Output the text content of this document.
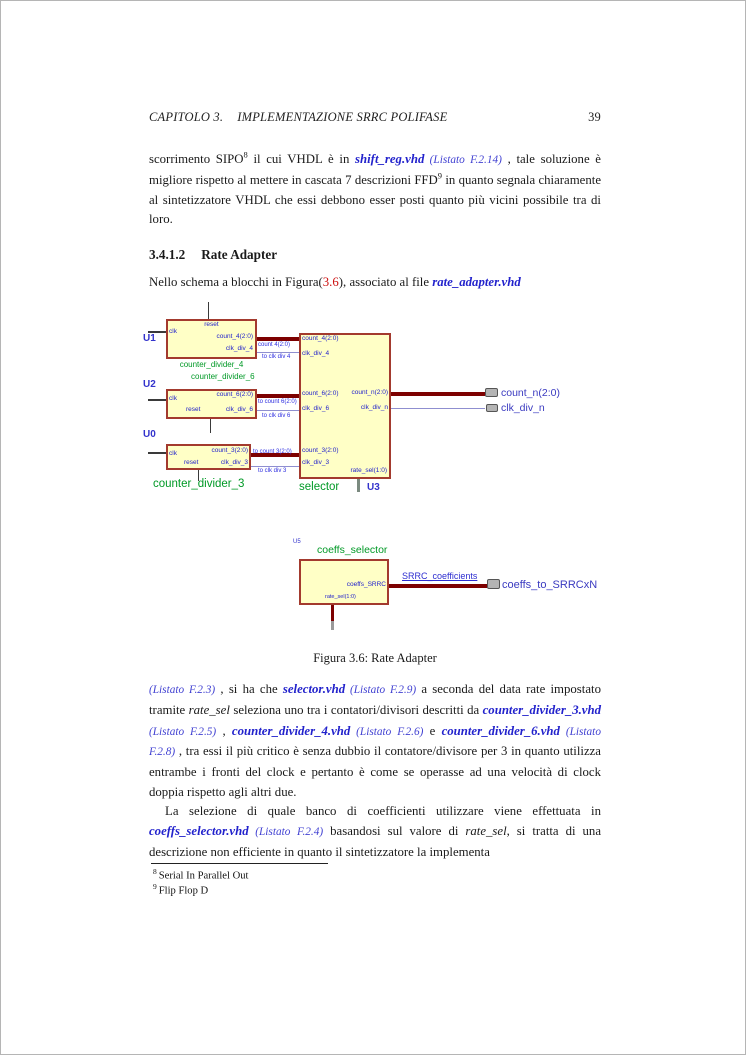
CAPITOLO 3. IMPLEMENTAZIONE SRRC POLIFASE	39

scorrimento SIPO$^8$ il cui VHDL è in shift_reg.vhd (Listato F.2.14) , tale soluzione è migliore rispetto al mettere in cascata 7 descrizioni FFD$^9$ in quanto segnala chiaramente al sintetizzatore VHDL che essi debbono esser posti quanto più vicini possibile tra di loro.

3.4.1.2 Rate Adapter

Nello schema a blocchi in Figura(3.6), associato al file rate_adapter.vhd

reset
clk
count_4(2:0)
clk_div_4
U1
counter_divider_4
count 4(2:0)
to clk div 4
counter_divider_6
clk
reset
count_6(2:0)
clk_div_6
U2
to count 6(2:0)
to clk div 6
clk
reset
count_3(2:0)
clk_div_3
U0
counter_divider_3
to count 3(2:0)
to clk div 3
count_4(2:0)
clk_div_4
count_6(2:0)
clk_div_6
count_3(2:0)
clk_div_3
count_n(2:0)
clk_div_n
rate_sel(1:0)
selector	U3
count_n(2:0)
clk_div_n
U5
coeffs_selector
coeffs_SRRC
rate_sel(1:0)
SRRC_coefficients
coeffs_to_SRRCxN
Figura 3.6: Rate Adapter

(Listato F.2.3) , si ha che selector.vhd (Listato F.2.9) a seconda del data rate impostato tramite rate_sel seleziona uno tra i contatori/divisori descritti da counter_divider_3.vhd (Listato F.2.5) , counter_divider_4.vhd (Listato F.2.6) e counter_divider_6.vhd (Listato F.2.8) , tra essi il più critico è senza dubbio il contatore/divisore per 3 in quanto utilizza entrambe i fronti del clock e pertanto è come se operasse ad una velocità di clock doppia rispetto agli altri due.

La selezione di quale banco di coefficienti utilizzare viene effettuata in coeffs_selector.vhd (Listato F.2.4) basandosi sul valore di rate_sel, si tratta di una descrizione non efficiente in quanto il sintetizzatore la implementa

$^8$ Serial In Parallel Out
$^9$ Flip Flop D
